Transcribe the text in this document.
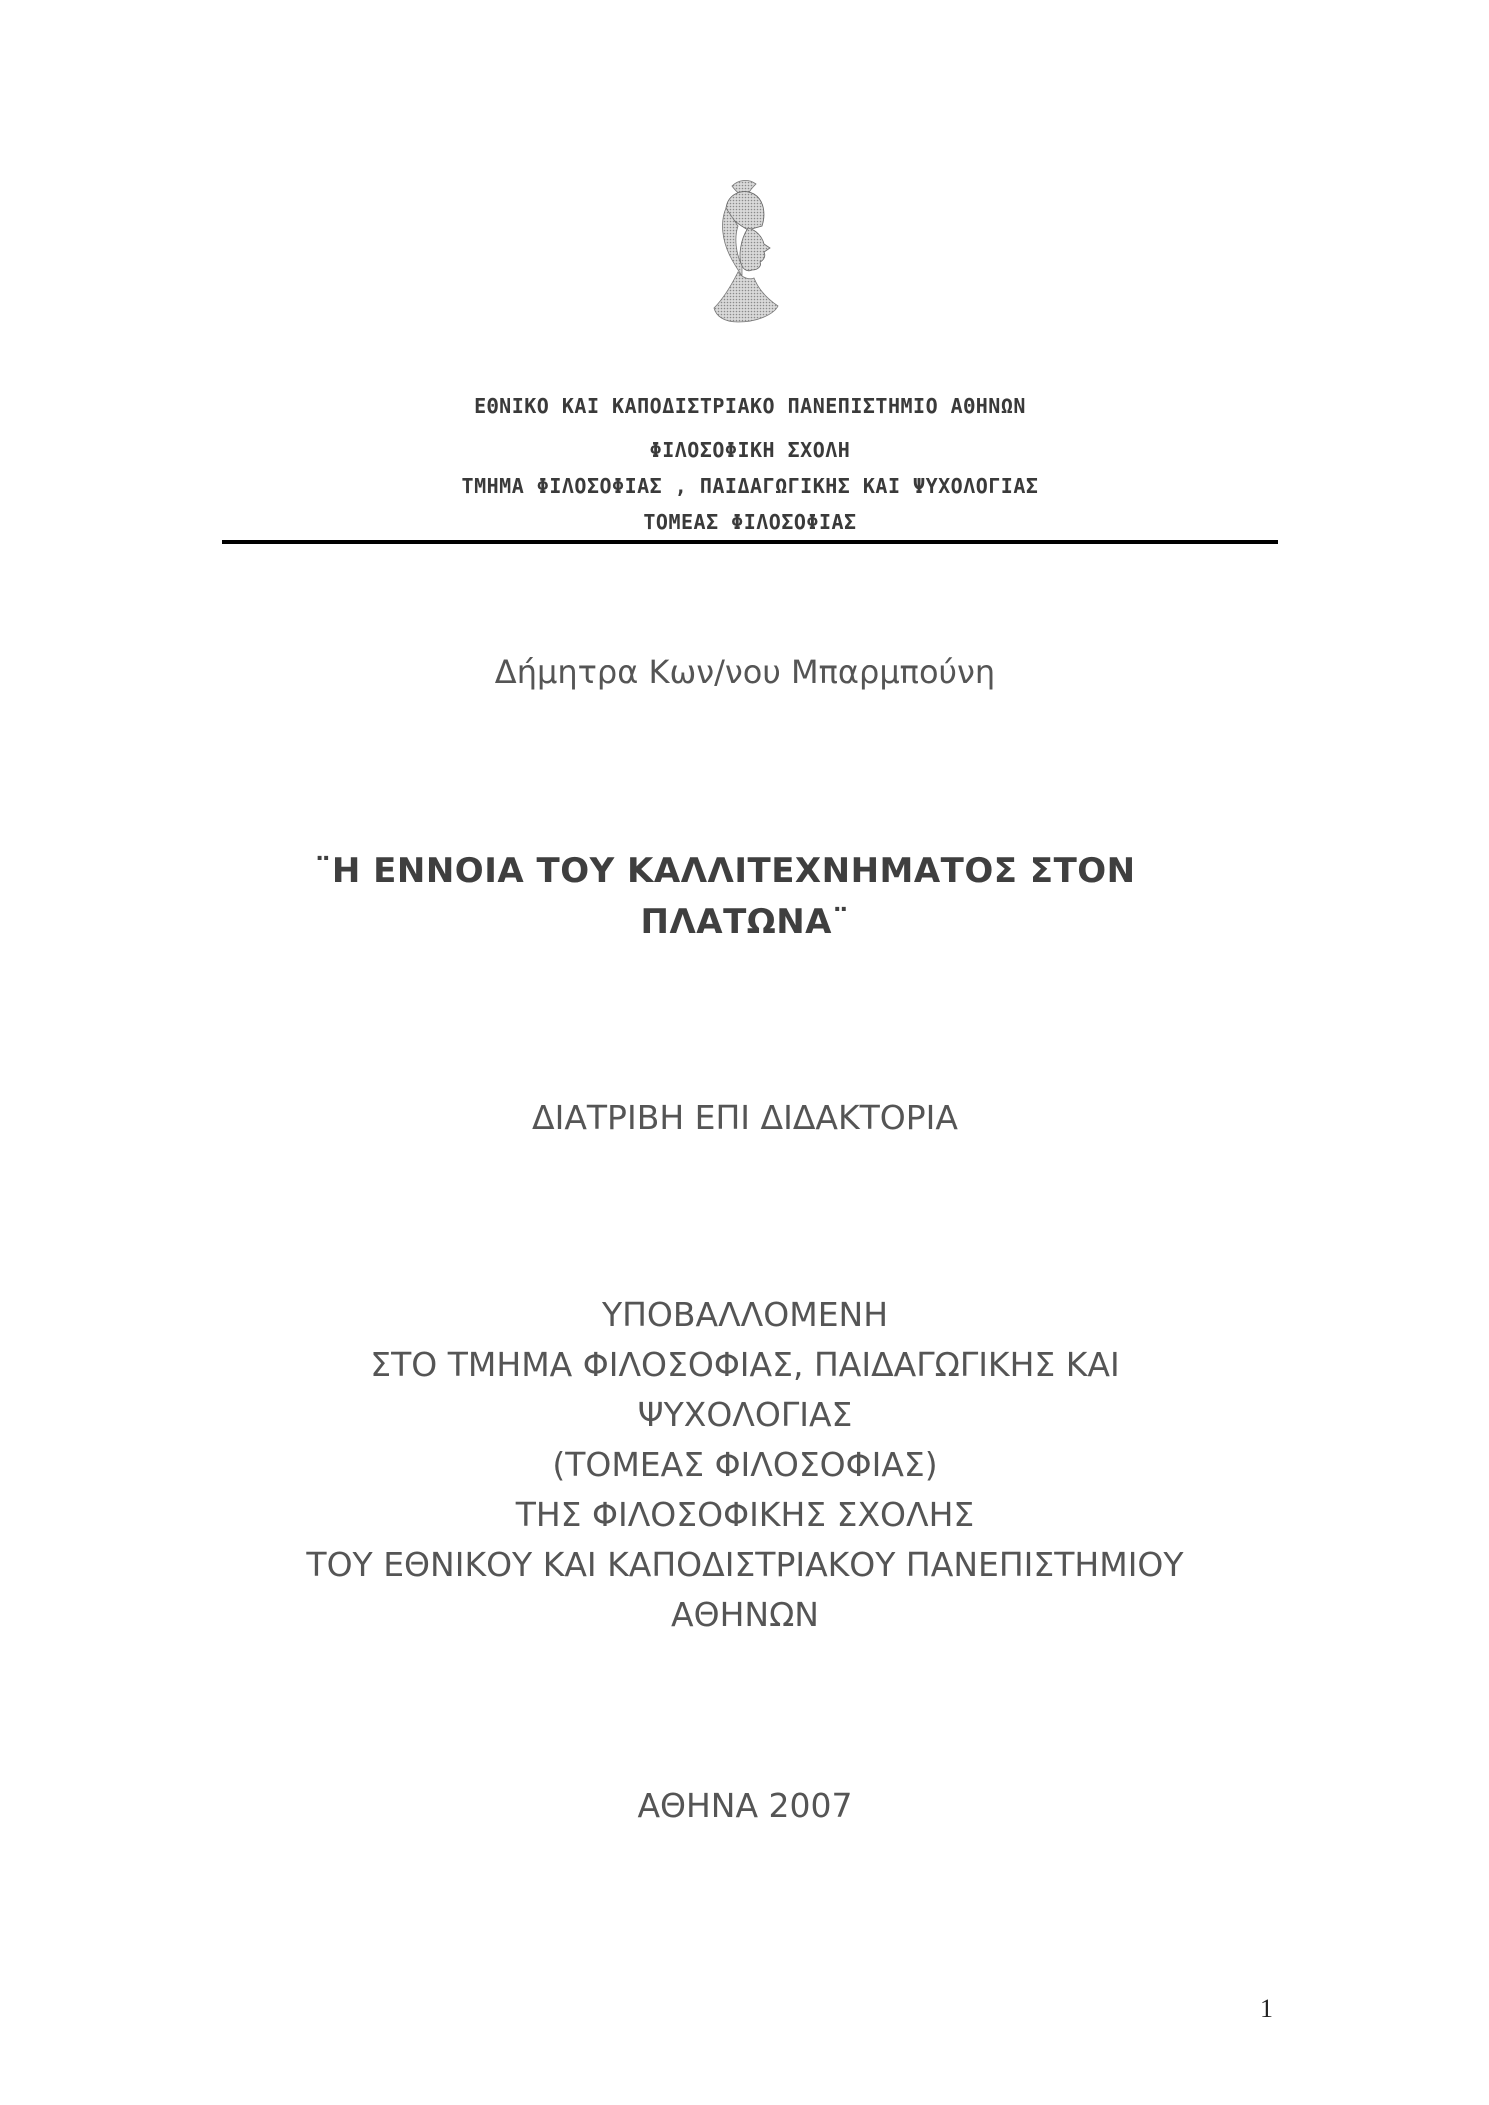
ΕΘΝΙΚΟ ΚΑΙ ΚΑΠΟΔΙΣΤΡΙΑΚΟ ΠΑΝΕΠΙΣΤΗΜΙΟ ΑΘΗΝΩΝ
ΦΙΛΟΣΟΦΙΚΗ ΣΧΟΛΗ
ΤΜΗΜΑ ΦΙΛΟΣΟΦΙΑΣ , ΠΑΙΔΑΓΩΓΙΚΗΣ ΚΑΙ ΨΥΧΟΛΟΓΙΑΣ
ΤΟΜΕΑΣ ΦΙΛΟΣΟΦΙΑΣ
Δήμητρα Κων/νου Μπαρμπούνη
¨Η ΕΝΝΟΙΑ ΤΟΥ ΚΑΛΛΙΤΕΧΝΗΜΑΤΟΣ ΣΤΟΝ
ΠΛΑΤΩΝΑ¨
ΔΙΑΤΡΙΒΗ ΕΠΙ ΔΙΔΑΚΤΟΡΙΑ
ΥΠΟΒΑΛΛΟΜΕΝΗ
ΣΤΟ ΤΜΗΜΑ ΦΙΛΟΣΟΦΙΑΣ, ΠΑΙΔΑΓΩΓΙΚΗΣ ΚΑΙ
ΨΥΧΟΛΟΓΙΑΣ
(ΤΟΜΕΑΣ ΦΙΛΟΣΟΦΙΑΣ)
ΤΗΣ ΦΙΛΟΣΟΦΙΚΗΣ ΣΧΟΛΗΣ
ΤΟΥ ΕΘΝΙΚΟΥ ΚΑΙ ΚΑΠΟΔΙΣΤΡΙΑΚΟΥ ΠΑΝΕΠΙΣΤΗΜΙΟΥ
ΑΘΗΝΩΝ
ΑΘΗΝΑ 2007
1
